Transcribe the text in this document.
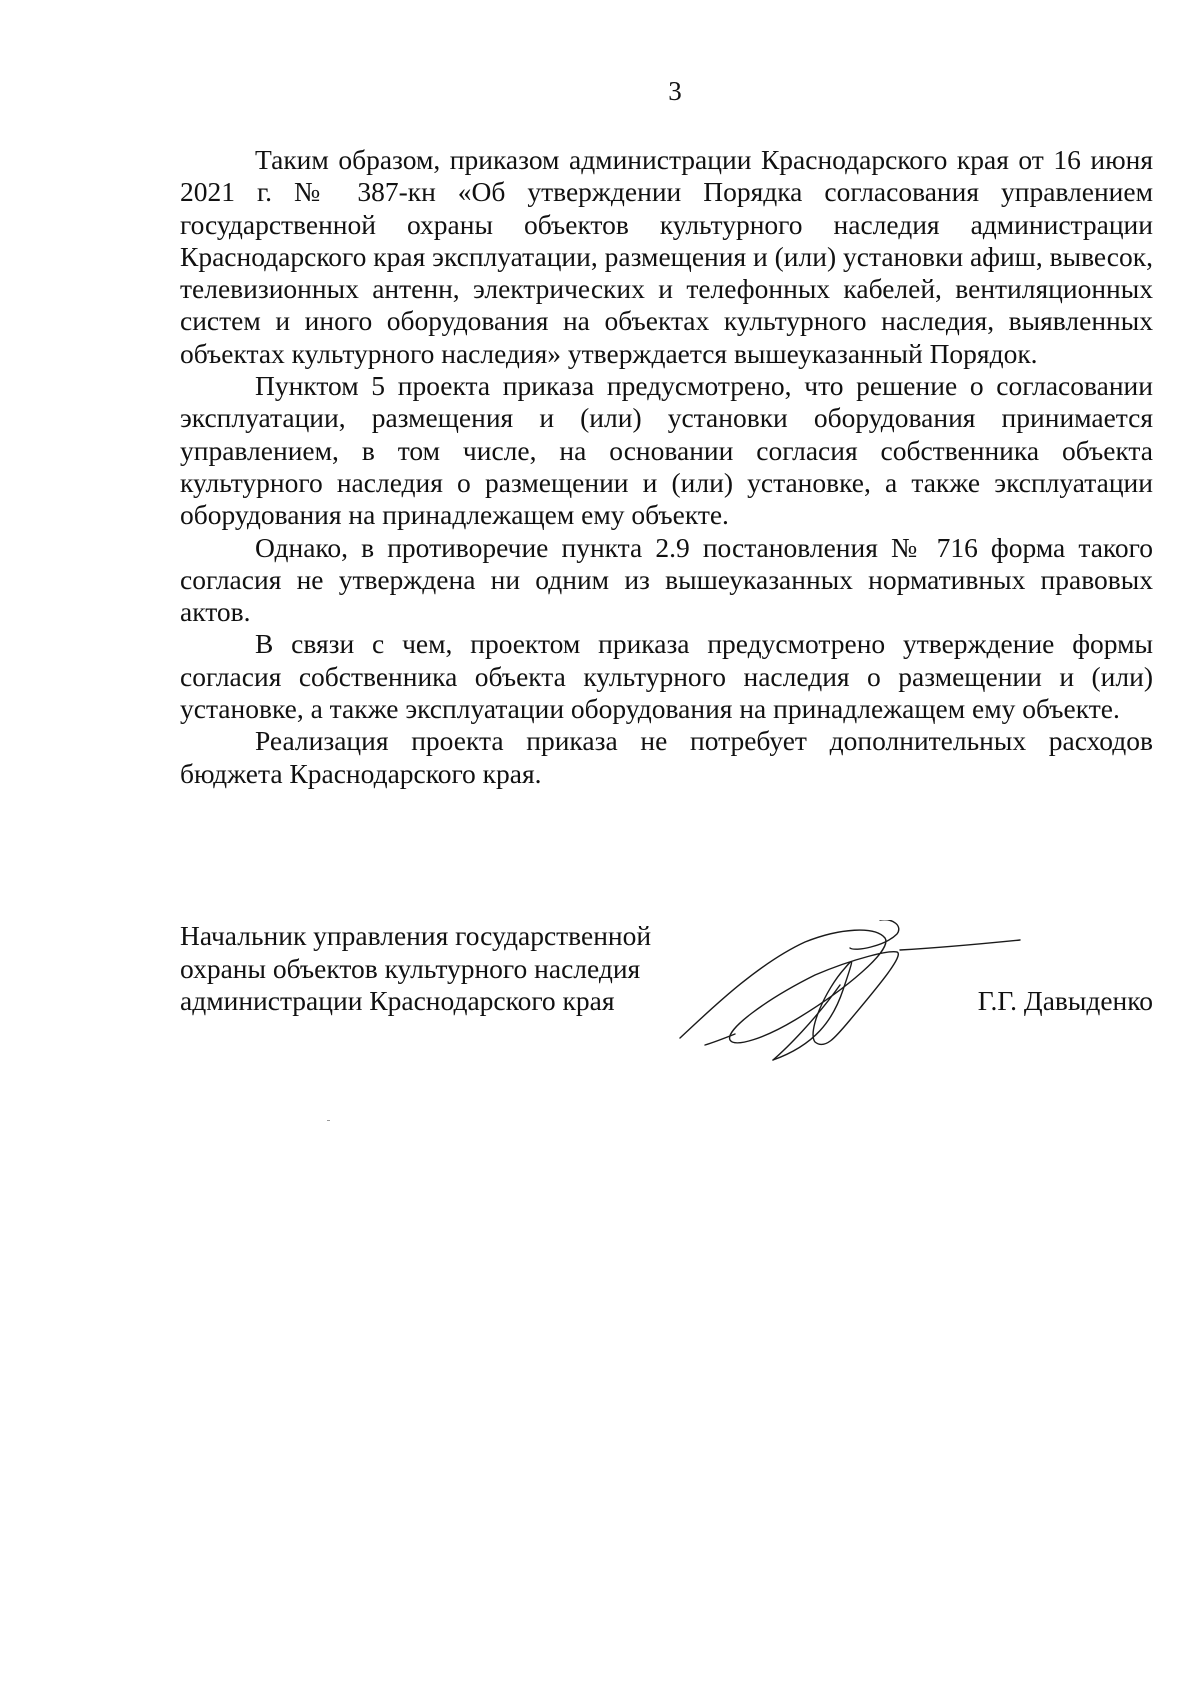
3

Таким образом, приказом администрации Краснодарского края от 16 июня 2021 г. № 387-кн «Об утверждении Порядка согласования управлением государственной охраны объектов культурного наследия администрации Краснодарского края эксплуатации, размещения и (или) установки афиш, вывесок, телевизионных антенн, электрических и телефонных кабелей, вентиляционных систем и иного оборудования на объектах культурного наследия, выявленных объектах культурного наследия» утверждается вышеуказанный Порядок.

Пунктом 5 проекта приказа предусмотрено, что решение о согласовании эксплуатации, размещения и (или) установки оборудования принимается управлением, в том числе, на основании согласия собственника объекта культурного наследия о размещении и (или) установке, а также эксплуатации оборудования на принадлежащем ему объекте.

Однако, в противоречие пункта 2.9 постановления № 716 форма такого согласия не утверждена ни одним из вышеуказанных нормативных правовых актов.

В связи с чем, проектом приказа предусмотрено утверждение формы согласия собственника объекта культурного наследия о размещении и (или) установке, а также эксплуатации оборудования на принадлежащем ему объекте.

Реализация проекта приказа не потребует дополнительных расходов бюджета Краснодарского края.

Начальник управления государственной
охраны объектов культурного наследия
администрации Краснодарского края	Г.Г. Давыденко
